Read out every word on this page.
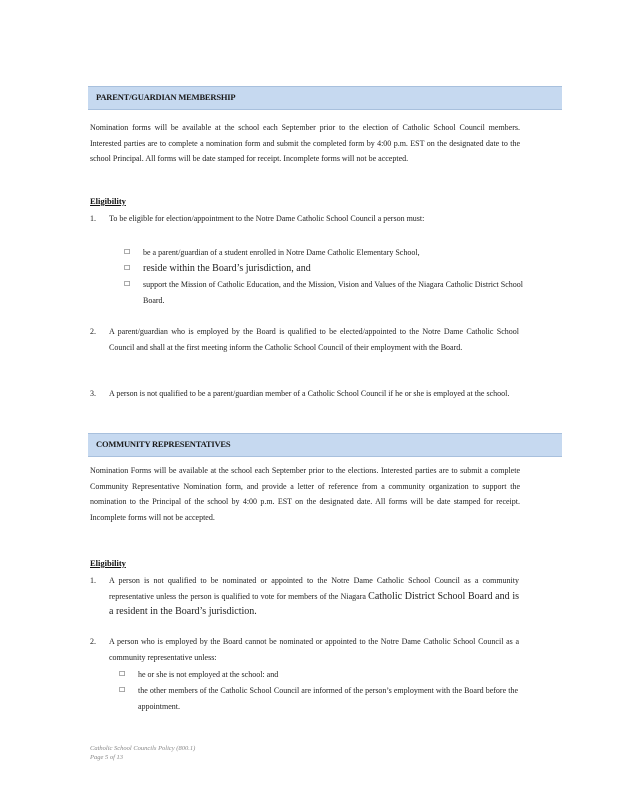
PARENT/GUARDIAN MEMBERSHIP
Nomination forms will be available at the school each September prior to the election of Catholic School Council members. Interested parties are to complete a nomination form and submit the completed form by 4:00 p.m. EST on the designated date to the school Principal. All forms will be date stamped for receipt. Incomplete forms will not be accepted.
Eligibility
1. To be eligible for election/appointment to the Notre Dame Catholic School Council a person must:
☐ be a parent/guardian of a student enrolled in Notre Dame Catholic Elementary School,
☐ reside within the Board’s jurisdiction, and
☐ support the Mission of Catholic Education, and the Mission, Vision and Values of the Niagara Catholic District School Board.
2. A parent/guardian who is employed by the Board is qualified to be elected/appointed to the Notre Dame Catholic School Council and shall at the first meeting inform the Catholic School Council of their employment with the Board.
3. A person is not qualified to be a parent/guardian member of a Catholic School Council if he or she is employed at the school.
COMMUNITY REPRESENTATIVES
Nomination Forms will be available at the school each September prior to the elections. Interested parties are to submit a complete Community Representative Nomination form, and provide a letter of reference from a community organization to support the nomination to the Principal of the school by 4:00 p.m. EST on the designated date. All forms will be date stamped for receipt. Incomplete forms will not be accepted.
Eligibility
1. A person is not qualified to be nominated or appointed to the Notre Dame Catholic School Council as a community representative unless the person is qualified to vote for members of the Niagara Catholic District School Board and is a resident in the Board’s jurisdiction.
2. A person who is employed by the Board cannot be nominated or appointed to the Notre Dame Catholic School Council as a community representative unless:
☐ he or she is not employed at the school: and
☐ the other members of the Catholic School Council are informed of the person’s employment with the Board before the appointment.
Catholic School Councils Policy (800.1)
Page 5 of 13
